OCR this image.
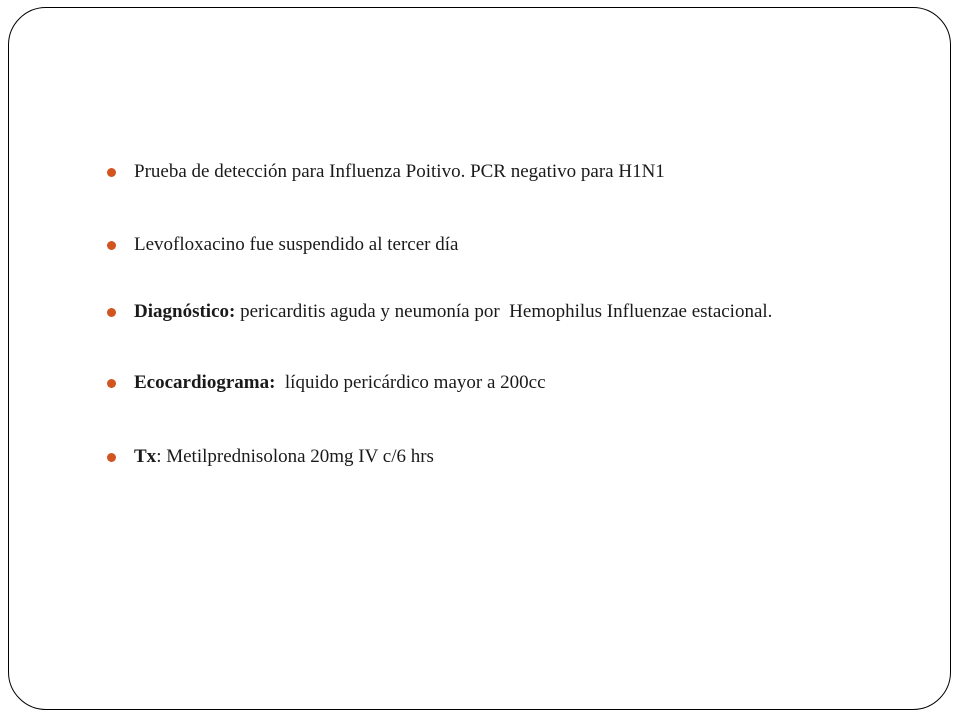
Prueba de detección para Influenza Poitivo. PCR negativo para H1N1
Levofloxacino fue suspendido al tercer día
Diagnóstico: pericarditis aguda y neumonía por  Hemophilus Influenzae estacional.
Ecocardiograma:  líquido pericárdico mayor a 200cc
Tx: Metilprednisolona 20mg IV c/6 hrs
